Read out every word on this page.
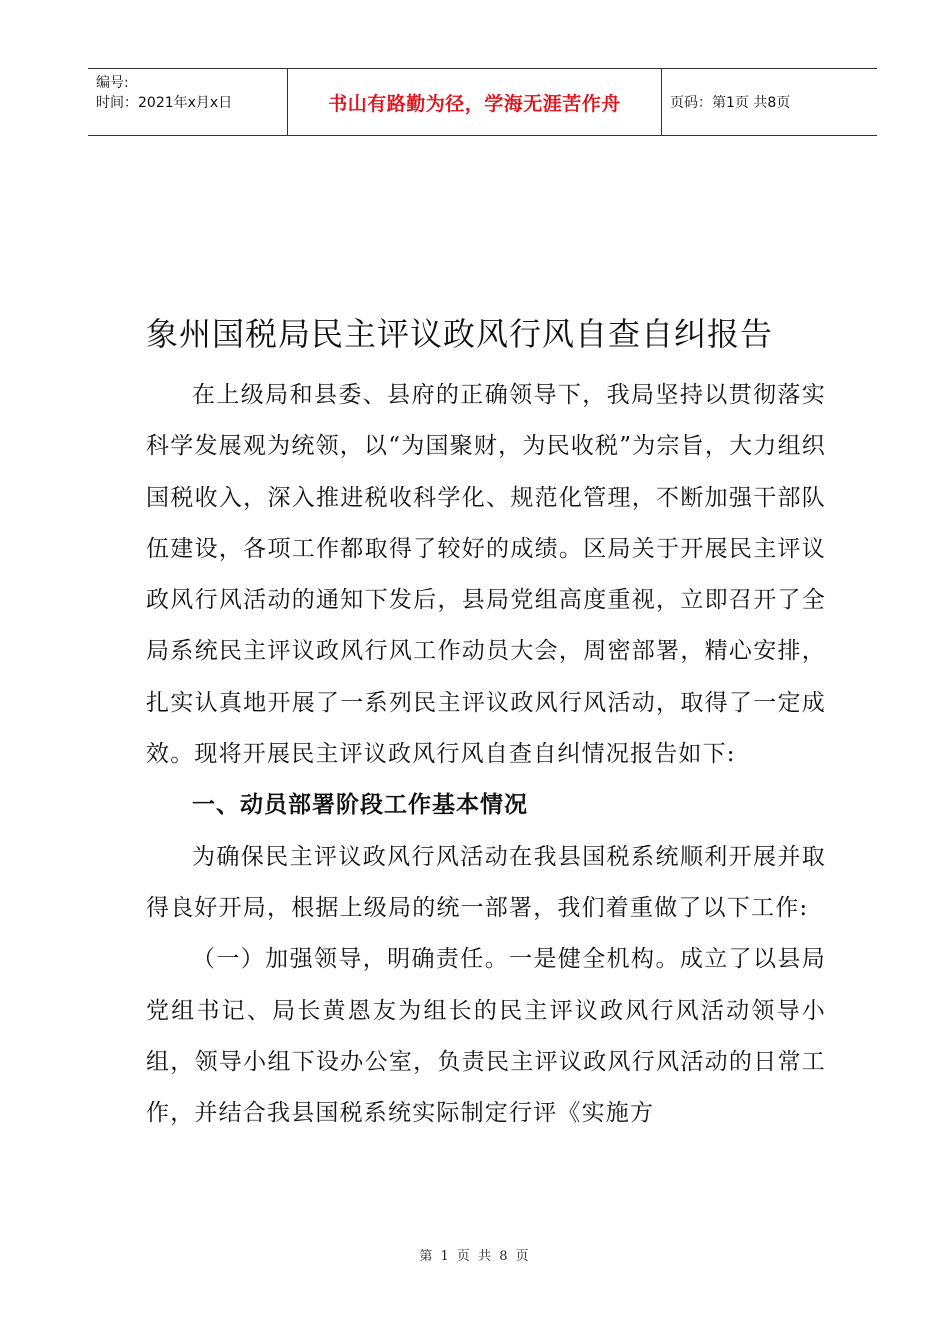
编号:
时间：2021年x月x日	书山有路勤为径，学海无涯苦作舟	页码：第1页 共8页
象州国税局民主评议政风行风自查自纠报告

在上级局和县委、县府的正确领导下，我局坚持以贯彻落实科学发展观为统领，以“为国聚财，为民收税”为宗旨，大力组织国税收入，深入推进税收科学化、规范化管理，不断加强干部队伍建设，各项工作都取得了较好的成绩。区局关于开展民主评议政风行风活动的通知下发后，县局党组高度重视，立即召开了全局系统民主评议政风行风工作动员大会，周密部署，精心安排，扎实认真地开展了一系列民主评议政风行风活动，取得了一定成效。现将开展民主评议政风行风自查自纠情况报告如下:

一、动员部署阶段工作基本情况

为确保民主评议政风行风活动在我县国税系统顺利开展并取得良好开局，根据上级局的统一部署，我们着重做了以下工作:

（一）加强领导，明确责任。一是健全机构。成立了以县局党组书记、局长黄恩友为组长的民主评议政风行风活动领导小组，领导小组下设办公室，负责民主评议政风行风活动的日常工作，并结合我县国税系统实际制定行评《实施方

第 1 页 共 8 页
